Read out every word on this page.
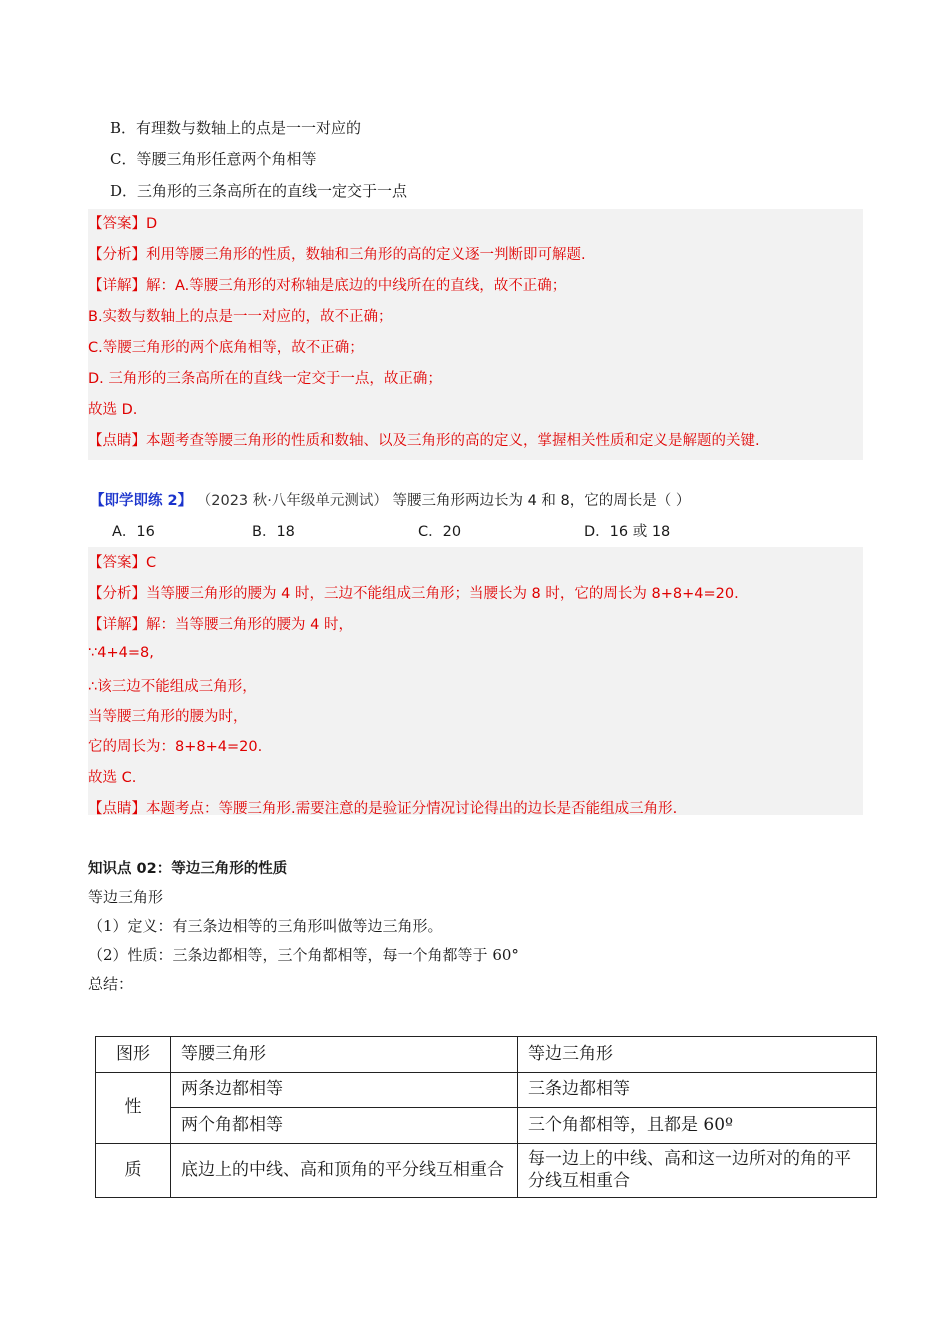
B．有理数与数轴上的点是一一对应的
C．等腰三角形任意两个角相等
D．三角形的三条高所在的直线一定交于一点
【答案】D
【分析】利用等腰三角形的性质，数轴和三角形的高的定义逐一判断即可解题.
【详解】解：A.等腰三角形的对称轴是底边的中线所在的直线，故不正确；
B.实数与数轴上的点是一一对应的，故不正确；
C.等腰三角形的两个底角相等，故不正确；
D. 三角形的三条高所在的直线一定交于一点，故正确；
故选 D.
【点睛】本题考查等腰三角形的性质和数轴、以及三角形的高的定义，掌握相关性质和定义是解题的关键.
【即学即练 2】 （2023 秋·八年级单元测试） 等腰三角形两边长为 4 和 8，它的周长是（ ）
A．16	B．18	C．20	D．16 或 18
【答案】C
【分析】当等腰三角形的腰为 4 时，三边不能组成三角形；当腰长为 8 时，它的周长为 8+8+4=20.
【详解】解：当等腰三角形的腰为 4 时，
∵4+4=8,
∴该三边不能组成三角形，
当等腰三角形的腰为时，
它的周长为：8+8+4=20.
故选 C.
【点睛】本题考点：等腰三角形.需要注意的是验证分情况讨论得出的边长是否能组成三角形.
知识点 02：等边三角形的性质
等边三角形
（1）定义：有三条边相等的三角形叫做等边三角形。
（2）性质：三条边都相等，三个角都相等，每一个角都等于 60°
总结：
图形	等腰三角形	等边三角形
性	两条边都相等	三条边都相等
	两个角都相等	三个角都相等，且都是 60º
质	底边上的中线、高和顶角的平分线互相重合	每一边上的中线、高和这一边所对的角的平分线互相重合
